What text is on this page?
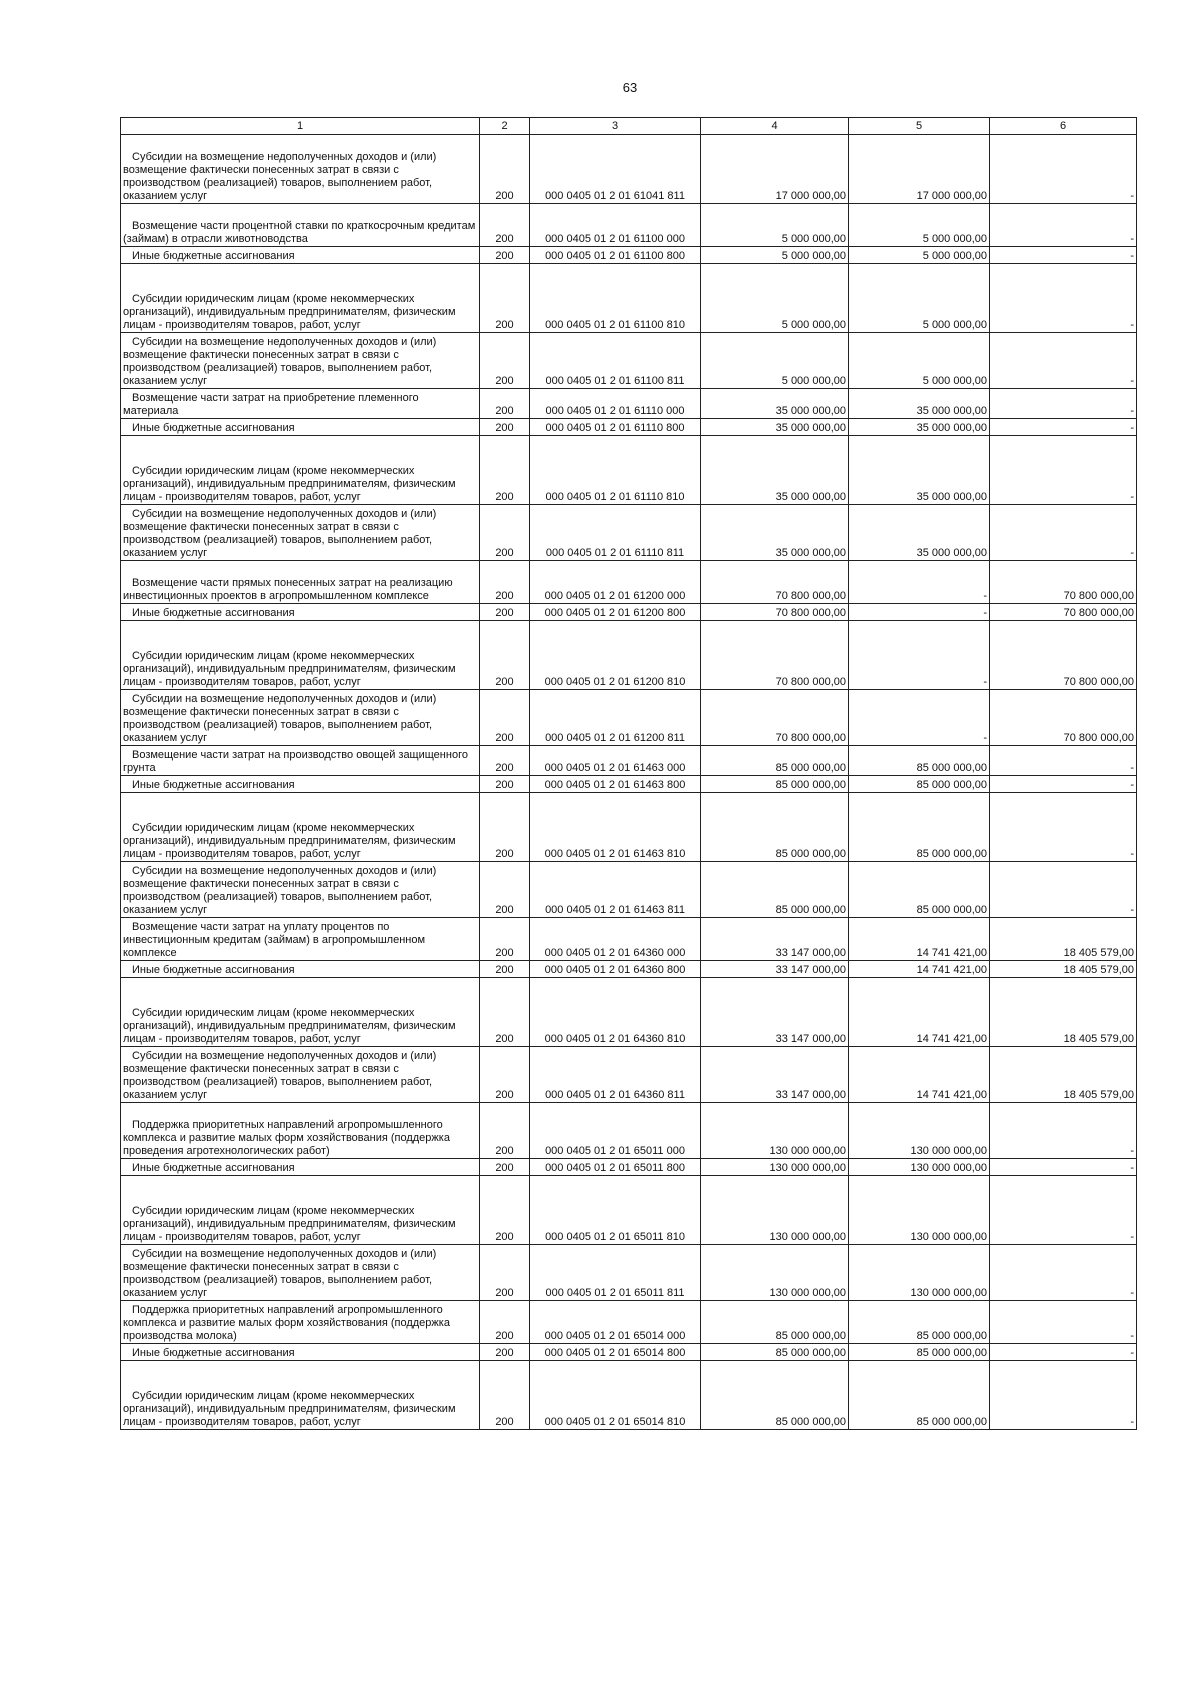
63
1	2	3	4	5	6
Субсидии на возмещение недополученных доходов и (или) возмещение фактически понесенных затрат в связи с производством (реализацией) товаров, выполнением работ, оказанием услуг	200	000 0405 01 2 01 61041 811	17 000 000,00	17 000 000,00	-
Возмещение части процентной ставки по краткосрочным кредитам (займам) в отрасли животноводства	200	000 0405 01 2 01 61100 000	5 000 000,00	5 000 000,00	-
Иные бюджетные ассигнования	200	000 0405 01 2 01 61100 800	5 000 000,00	5 000 000,00	-
Субсидии юридическим лицам (кроме некоммерческих организаций), индивидуальным предпринимателям, физическим лицам - производителям товаров, работ, услуг	200	000 0405 01 2 01 61100 810	5 000 000,00	5 000 000,00	-
Субсидии на возмещение недополученных доходов и (или) возмещение фактически понесенных затрат в связи с производством (реализацией) товаров, выполнением работ, оказанием услуг	200	000 0405 01 2 01 61100 811	5 000 000,00	5 000 000,00	-
Возмещение части затрат на приобретение племенного материала	200	000 0405 01 2 01 61110 000	35 000 000,00	35 000 000,00	-
Иные бюджетные ассигнования	200	000 0405 01 2 01 61110 800	35 000 000,00	35 000 000,00	-
Субсидии юридическим лицам (кроме некоммерческих организаций), индивидуальным предпринимателям, физическим лицам - производителям товаров, работ, услуг	200	000 0405 01 2 01 61110 810	35 000 000,00	35 000 000,00	-
Субсидии на возмещение недополученных доходов и (или) возмещение фактически понесенных затрат в связи с производством (реализацией) товаров, выполнением работ, оказанием услуг	200	000 0405 01 2 01 61110 811	35 000 000,00	35 000 000,00	-
Возмещение части прямых понесенных затрат на реализацию инвестиционных проектов в агропромышленном комплексе	200	000 0405 01 2 01 61200 000	70 800 000,00	-	70 800 000,00
Иные бюджетные ассигнования	200	000 0405 01 2 01 61200 800	70 800 000,00	-	70 800 000,00
Субсидии юридическим лицам (кроме некоммерческих организаций), индивидуальным предпринимателям, физическим лицам - производителям товаров, работ, услуг	200	000 0405 01 2 01 61200 810	70 800 000,00	-	70 800 000,00
Субсидии на возмещение недополученных доходов и (или) возмещение фактически понесенных затрат в связи с производством (реализацией) товаров, выполнением работ, оказанием услуг	200	000 0405 01 2 01 61200 811	70 800 000,00	-	70 800 000,00
Возмещение части затрат на производство овощей защищенного грунта	200	000 0405 01 2 01 61463 000	85 000 000,00	85 000 000,00	-
Иные бюджетные ассигнования	200	000 0405 01 2 01 61463 800	85 000 000,00	85 000 000,00	-
Субсидии юридическим лицам (кроме некоммерческих организаций), индивидуальным предпринимателям, физическим лицам - производителям товаров, работ, услуг	200	000 0405 01 2 01 61463 810	85 000 000,00	85 000 000,00	-
Субсидии на возмещение недополученных доходов и (или) возмещение фактически понесенных затрат в связи с производством (реализацией) товаров, выполнением работ, оказанием услуг	200	000 0405 01 2 01 61463 811	85 000 000,00	85 000 000,00	-
Возмещение части затрат на уплату процентов по инвестиционным кредитам (займам) в агропромышленном комплексе	200	000 0405 01 2 01 64360 000	33 147 000,00	14 741 421,00	18 405 579,00
Иные бюджетные ассигнования	200	000 0405 01 2 01 64360 800	33 147 000,00	14 741 421,00	18 405 579,00
Субсидии юридическим лицам (кроме некоммерческих организаций), индивидуальным предпринимателям, физическим лицам - производителям товаров, работ, услуг	200	000 0405 01 2 01 64360 810	33 147 000,00	14 741 421,00	18 405 579,00
Субсидии на возмещение недополученных доходов и (или) возмещение фактически понесенных затрат в связи с производством (реализацией) товаров, выполнением работ, оказанием услуг	200	000 0405 01 2 01 64360 811	33 147 000,00	14 741 421,00	18 405 579,00
Поддержка приоритетных направлений агропромышленного комплекса и развитие малых форм хозяйствования (поддержка проведения агротехнологических работ)	200	000 0405 01 2 01 65011 000	130 000 000,00	130 000 000,00	-
Иные бюджетные ассигнования	200	000 0405 01 2 01 65011 800	130 000 000,00	130 000 000,00	-
Субсидии юридическим лицам (кроме некоммерческих организаций), индивидуальным предпринимателям, физическим лицам - производителям товаров, работ, услуг	200	000 0405 01 2 01 65011 810	130 000 000,00	130 000 000,00	-
Субсидии на возмещение недополученных доходов и (или) возмещение фактически понесенных затрат в связи с производством (реализацией) товаров, выполнением работ, оказанием услуг	200	000 0405 01 2 01 65011 811	130 000 000,00	130 000 000,00	-
Поддержка приоритетных направлений агропромышленного комплекса и развитие малых форм хозяйствования (поддержка производства молока)	200	000 0405 01 2 01 65014 000	85 000 000,00	85 000 000,00	-
Иные бюджетные ассигнования	200	000 0405 01 2 01 65014 800	85 000 000,00	85 000 000,00	-
Субсидии юридическим лицам (кроме некоммерческих организаций), индивидуальным предпринимателям, физическим лицам - производителям товаров, работ, услуг	200	000 0405 01 2 01 65014 810	85 000 000,00	85 000 000,00	-
